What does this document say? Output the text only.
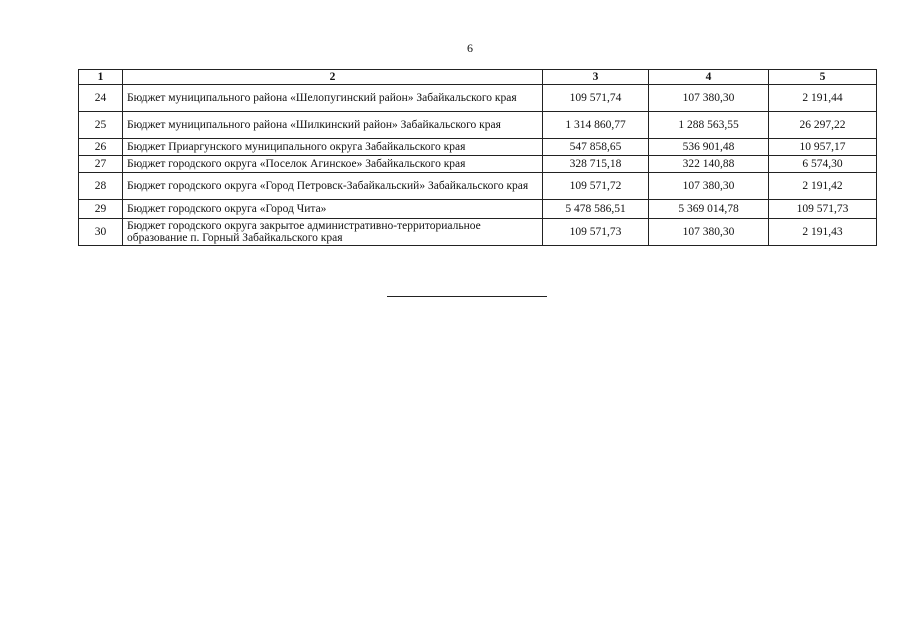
6
1	2	3	4	5
24	Бюджет муниципального района «Шелопугинский район» Забайкальского края	109 571,74	107 380,30	2 191,44
25	Бюджет муниципального района «Шилкинский район» Забайкальского края	1 314 860,77	1 288 563,55	26 297,22
26	Бюджет Приаргунского муниципального округа Забайкальского края	547 858,65	536 901,48	10 957,17
27	Бюджет городского округа «Поселок Агинское» Забайкальского края	328 715,18	322 140,88	6 574,30
28	Бюджет городского округа «Город Петровск-Забайкальский» Забайкальского края	109 571,72	107 380,30	2 191,42
29	Бюджет городского округа «Город Чита»	5 478 586,51	5 369 014,78	109 571,73
30	Бюджет городского округа закрытое административно-территориальное образование п. Горный Забайкальского края	109 571,73	107 380,30	2 191,43
